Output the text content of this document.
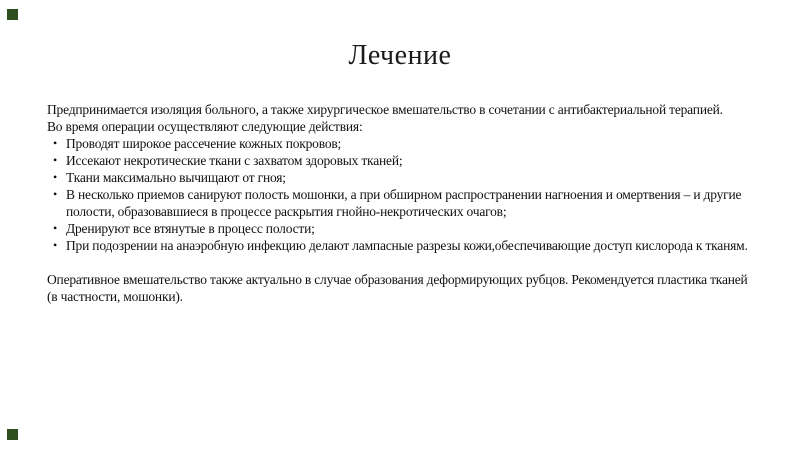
Лечение

Предпринимается изоляция больного, а также хирургическое вмешательство в сочетании с антибактериальной терапией.

Во время операции осуществляют следующие действия:

• Проводят широкое рассечение кожных покровов;
• Иссекают некротические ткани с захватом здоровых тканей;
• Ткани максимально вычищают от гноя;
• В несколько приемов санируют полость мошонки, а при обширном распространении нагноения и омертвения – и другие полости, образовавшиеся в процессе раскрытия гнойно-некротических очагов;
• Дренируют все втянутые в процесс полости;
• При подозрении на анаэробную инфекцию делают лампасные разрезы кожи,обеспечивающие доступ кислорода к тканям.

Оперативное вмешательство также актуально в случае образования деформирующих рубцов. Рекомендуется пластика тканей (в частности, мошонки).
